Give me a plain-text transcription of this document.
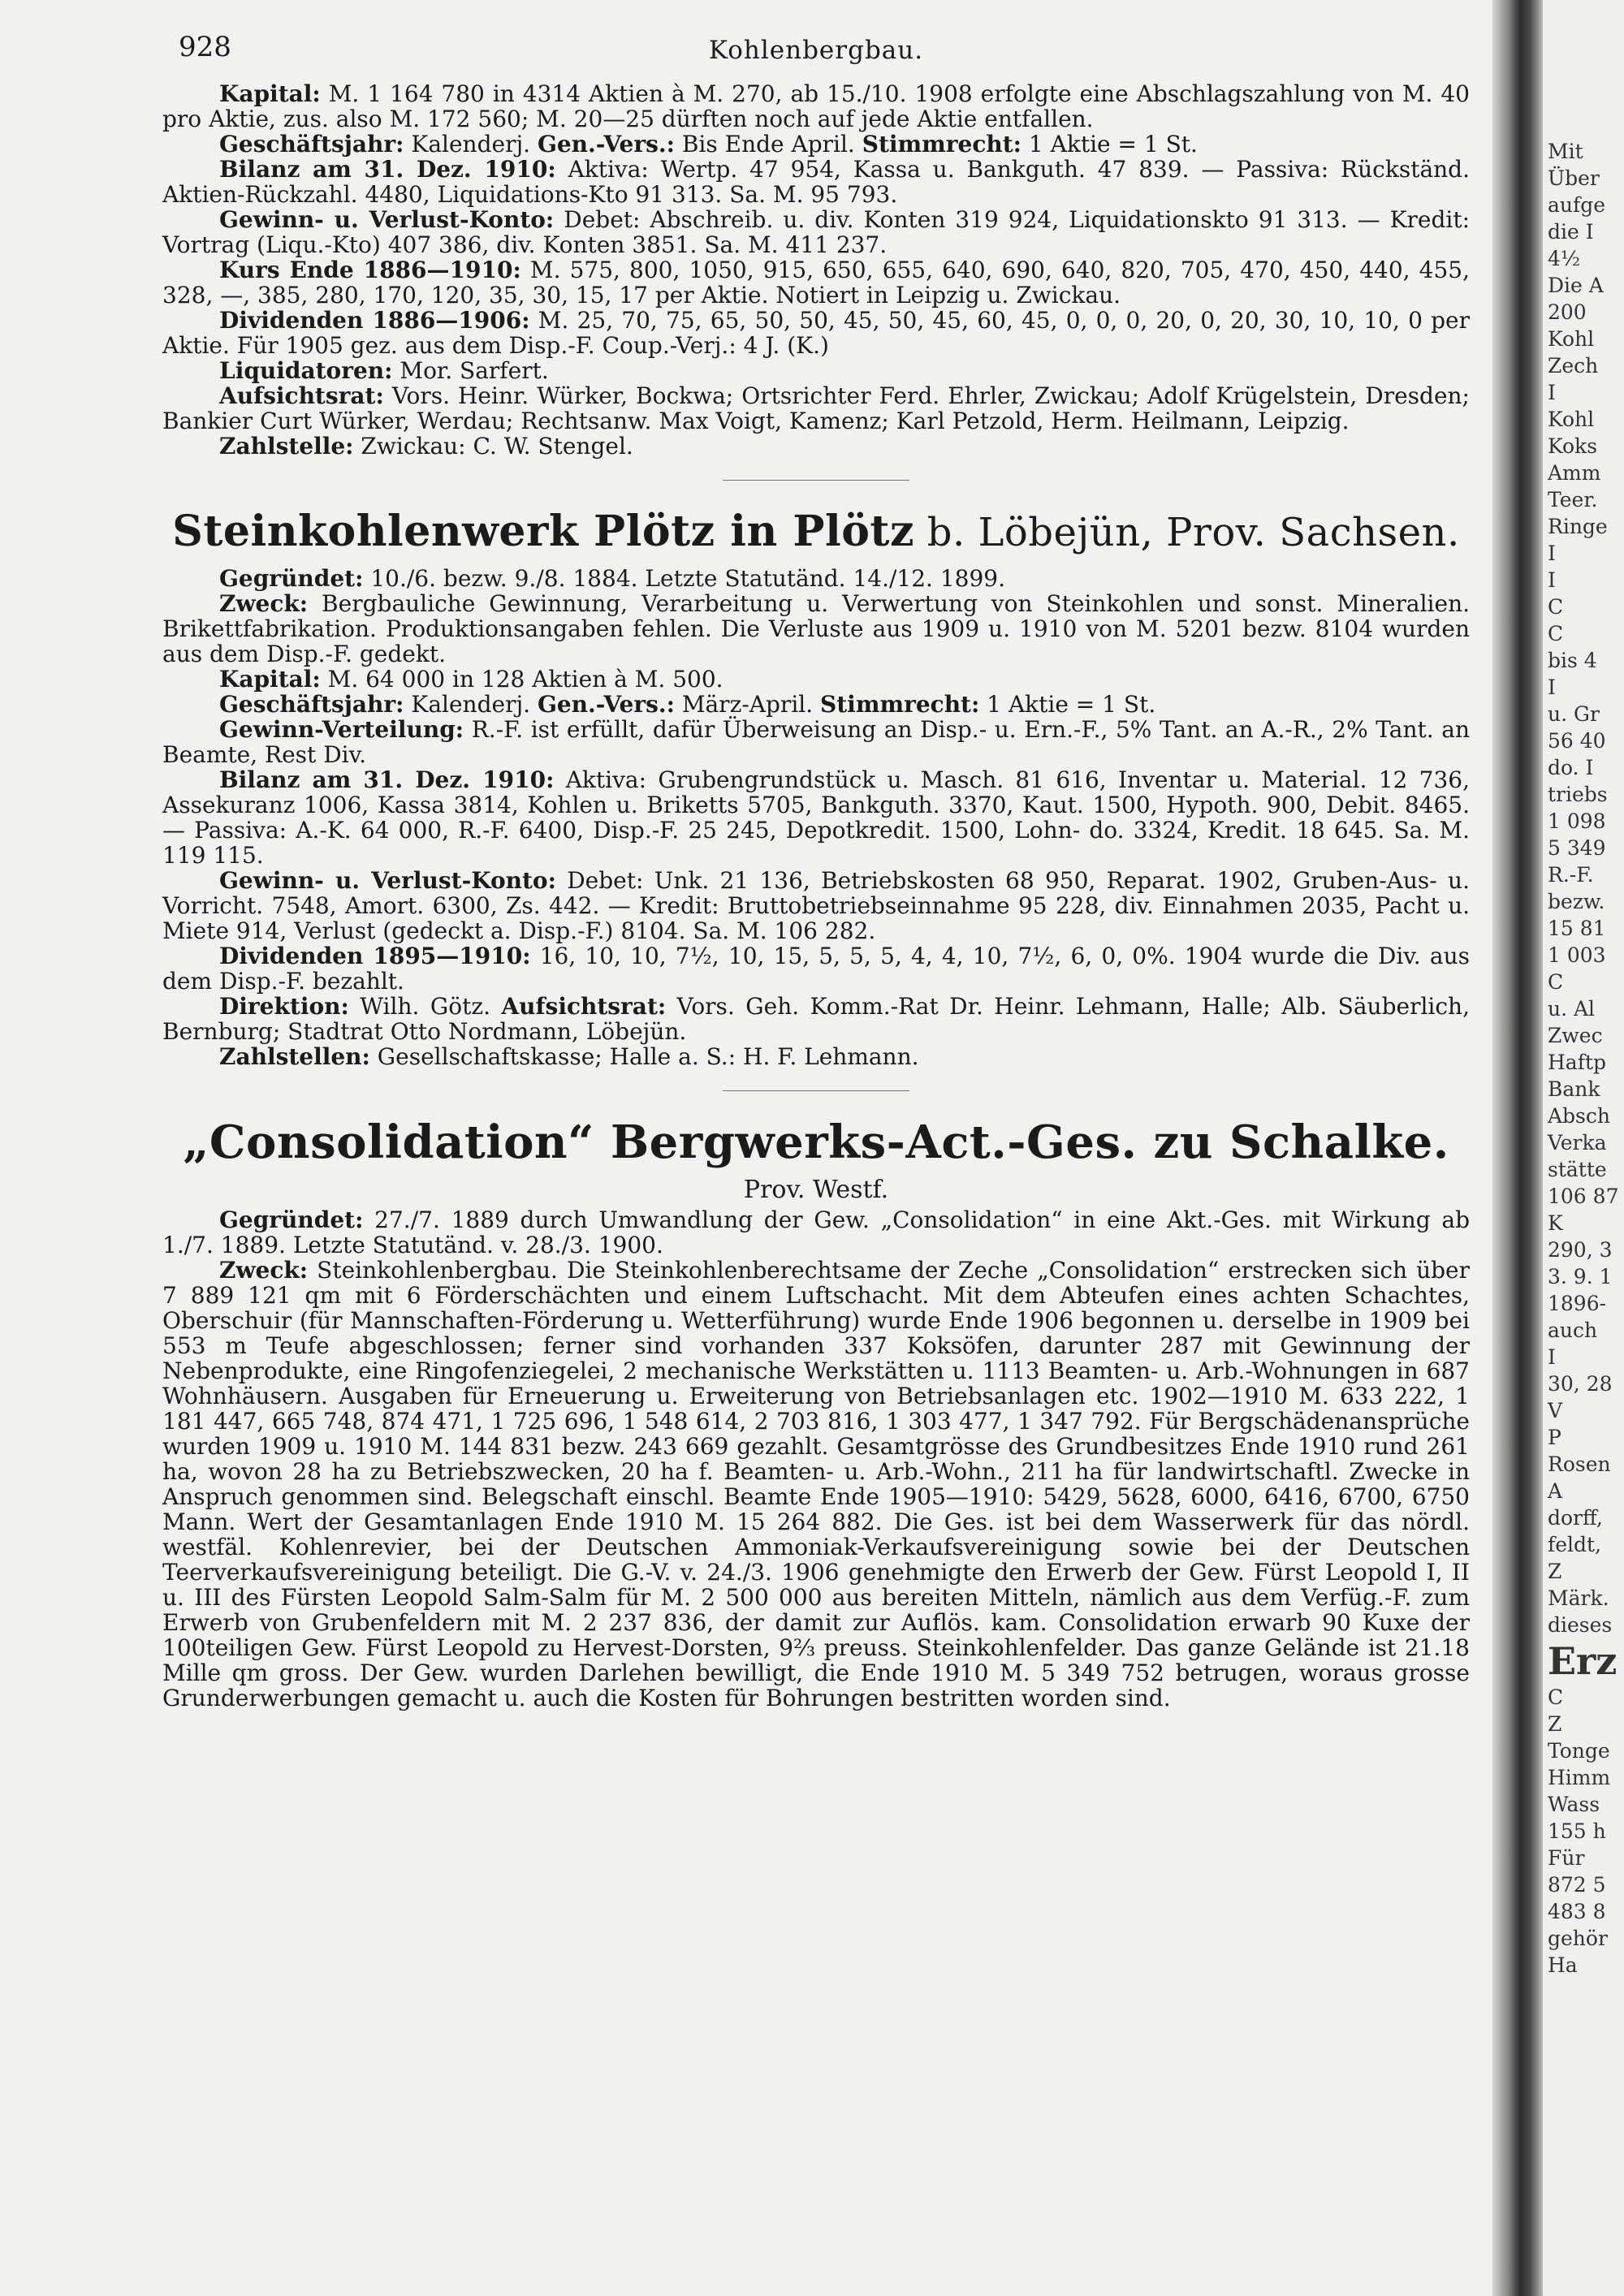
928	Kohlenbergbau.

Kapital: M. 1 164 780 in 4314 Aktien à M. 270, ab 15./10. 1908 erfolgte eine Abschlagszahlung von M. 40 pro Aktie, zus. also M. 172 560; M. 20—25 dürften noch auf jede Aktie entfallen.

Geschäftsjahr: Kalenderj. Gen.-Vers.: Bis Ende April. Stimmrecht: 1 Aktie = 1 St.

Bilanz am 31. Dez. 1910: Aktiva: Wertp. 47 954, Kassa u. Bankguth. 47 839. — Passiva: Rückständ. Aktien-Rückzahl. 4480, Liquidations-Kto 91 313. Sa. M. 95 793.

Gewinn- u. Verlust-Konto: Debet: Abschreib. u. div. Konten 319 924, Liquidationskto 91 313. — Kredit: Vortrag (Liqu.-Kto) 407 386, div. Konten 3851. Sa. M. 411 237.

Kurs Ende 1886—1910: M. 575, 800, 1050, 915, 650, 655, 640, 690, 640, 820, 705, 470, 450, 440, 455, 328, —, 385, 280, 170, 120, 35, 30, 15, 17 per Aktie. Notiert in Leipzig u. Zwickau.

Dividenden 1886—1906: M. 25, 70, 75, 65, 50, 50, 45, 50, 45, 60, 45, 0, 0, 0, 20, 0, 20, 30, 10, 10, 0 per Aktie. Für 1905 gez. aus dem Disp.-F. Coup.-Verj.: 4 J. (K.)

Liquidatoren: Mor. Sarfert.

Aufsichtsrat: Vors. Heinr. Würker, Bockwa; Ortsrichter Ferd. Ehrler, Zwickau; Adolf Krügelstein, Dresden; Bankier Curt Würker, Werdau; Rechtsanw. Max Voigt, Kamenz; Karl Petzold, Herm. Heilmann, Leipzig.

Zahlstelle: Zwickau: C. W. Stengel.

Steinkohlenwerk Plötz in Plötz b. Löbejün, Prov. Sachsen.

Gegründet: 10./6. bezw. 9./8. 1884. Letzte Statutänd. 14./12. 1899.

Zweck: Bergbauliche Gewinnung, Verarbeitung u. Verwertung von Steinkohlen und sonst. Mineralien. Brikettfabrikation. Produktionsangaben fehlen. Die Verluste aus 1909 u. 1910 von M. 5201 bezw. 8104 wurden aus dem Disp.-F. gedekt.

Kapital: M. 64 000 in 128 Aktien à M. 500.

Geschäftsjahr: Kalenderj. Gen.-Vers.: März-April. Stimmrecht: 1 Aktie = 1 St.

Gewinn-Verteilung: R.-F. ist erfüllt, dafür Überweisung an Disp.- u. Ern.-F., 5% Tant. an A.-R., 2% Tant. an Beamte, Rest Div.

Bilanz am 31. Dez. 1910: Aktiva: Grubengrundstück u. Masch. 81 616, Inventar u. Material. 12 736, Assekuranz 1006, Kassa 3814, Kohlen u. Briketts 5705, Bankguth. 3370, Kaut. 1500, Hypoth. 900, Debit. 8465. — Passiva: A.-K. 64 000, R.-F. 6400, Disp.-F. 25 245, Depotkredit. 1500, Lohn- do. 3324, Kredit. 18 645. Sa. M. 119 115.

Gewinn- u. Verlust-Konto: Debet: Unk. 21 136, Betriebskosten 68 950, Reparat. 1902, Gruben-Aus- u. Vorricht. 7548, Amort. 6300, Zs. 442. — Kredit: Bruttobetriebseinnahme 95 228, div. Einnahmen 2035, Pacht u. Miete 914, Verlust (gedeckt a. Disp.-F.) 8104. Sa. M. 106 282.

Dividenden 1895—1910: 16, 10, 10, 7½, 10, 15, 5, 5, 5, 4, 4, 10, 7½, 6, 0, 0%. 1904 wurde die Div. aus dem Disp.-F. bezahlt.

Direktion: Wilh. Götz. Aufsichtsrat: Vors. Geh. Komm.-Rat Dr. Heinr. Lehmann, Halle; Alb. Säuberlich, Bernburg; Stadtrat Otto Nordmann, Löbejün.

Zahlstellen: Gesellschaftskasse; Halle a. S.: H. F. Lehmann.

„Consolidation“ Bergwerks-Act.-Ges. zu Schalke.
Prov. Westf.

Gegründet: 27./7. 1889 durch Umwandlung der Gew. „Consolidation“ in eine Akt.-Ges. mit Wirkung ab 1./7. 1889. Letzte Statutänd. v. 28./3. 1900.

Zweck: Steinkohlenbergbau. Die Steinkohlenberechtsame der Zeche „Consolidation“ erstrecken sich über 7 889 121 qm mit 6 Förderschächten und einem Luftschacht. Mit dem Abteufen eines achten Schachtes, Oberschuir (für Mannschaften-Förderung u. Wetterführung) wurde Ende 1906 begonnen u. derselbe in 1909 bei 553 m Teufe abgeschlossen; ferner sind vorhanden 337 Koksöfen, darunter 287 mit Gewinnung der Nebenprodukte, eine Ringofenziegelei, 2 mechanische Werkstätten u. 1113 Beamten- u. Arb.-Wohnungen in 687 Wohnhäusern. Ausgaben für Erneuerung u. Erweiterung von Betriebsanlagen etc. 1902—1910 M. 633 222, 1 181 447, 665 748, 874 471, 1 725 696, 1 548 614, 2 703 816, 1 303 477, 1 347 792. Für Bergschädenansprüche wurden 1909 u. 1910 M. 144 831 bezw. 243 669 gezahlt. Gesamtgrösse des Grundbesitzes Ende 1910 rund 261 ha, wovon 28 ha zu Betriebszwecken, 20 ha f. Beamten- u. Arb.-Wohn., 211 ha für landwirtschaftl. Zwecke in Anspruch genommen sind. Belegschaft einschl. Beamte Ende 1905—1910: 5429, 5628, 6000, 6416, 6700, 6750 Mann. Wert der Gesamtanlagen Ende 1910 M. 15 264 882. Die Ges. ist bei dem Wasserwerk für das nördl. westfäl. Kohlenrevier, bei der Deutschen Ammoniak-Verkaufsvereinigung sowie bei der Deutschen Teerverkaufsvereinigung beteiligt. Die G.-V. v. 24./3. 1906 genehmigte den Erwerb der Gew. Fürst Leopold I, II u. III des Fürsten Leopold Salm-Salm für M. 2 500 000 aus bereiten Mitteln, nämlich aus dem Verfüg.-F. zum Erwerb von Grubenfeldern mit M. 2 237 836, der damit zur Auflös. kam. Consolidation erwarb 90 Kuxe der 100teiligen Gew. Fürst Leopold zu Hervest-Dorsten, 9⅔ preuss. Steinkohlenfelder. Das ganze Gelände ist 21.18 Mille qm gross. Der Gew. wurden Darlehen bewilligt, die Ende 1910 M. 5 349 752 betrugen, woraus grosse Grunderwerbungen gemacht u. auch die Kosten für Bohrungen bestritten worden sind.

Mit
Über
aufge
die I
4½
Die A
200
Kohl
Zech
I
Kohl
Koks
Amm
Teer.
Ringe
I
I
C
C
bis 4
I
u. Gr
56 40
do. I
triebs
1 098
5 349
R.-F.
bezw.
15 81
1 003
C
u. Al
Zwec
Haftp
Bank
Absch
Verka
stätte
106 87
K
290, 3
3. 9. 1
1896-
auch
I
30, 28
V
P
Rosen
A
dorff,
feldt,
Z
Märk.
dieses
Erz
C
Z
Tonge
Himm
Wass
155 h
Für
872 5
483 8
gehör
Ha
